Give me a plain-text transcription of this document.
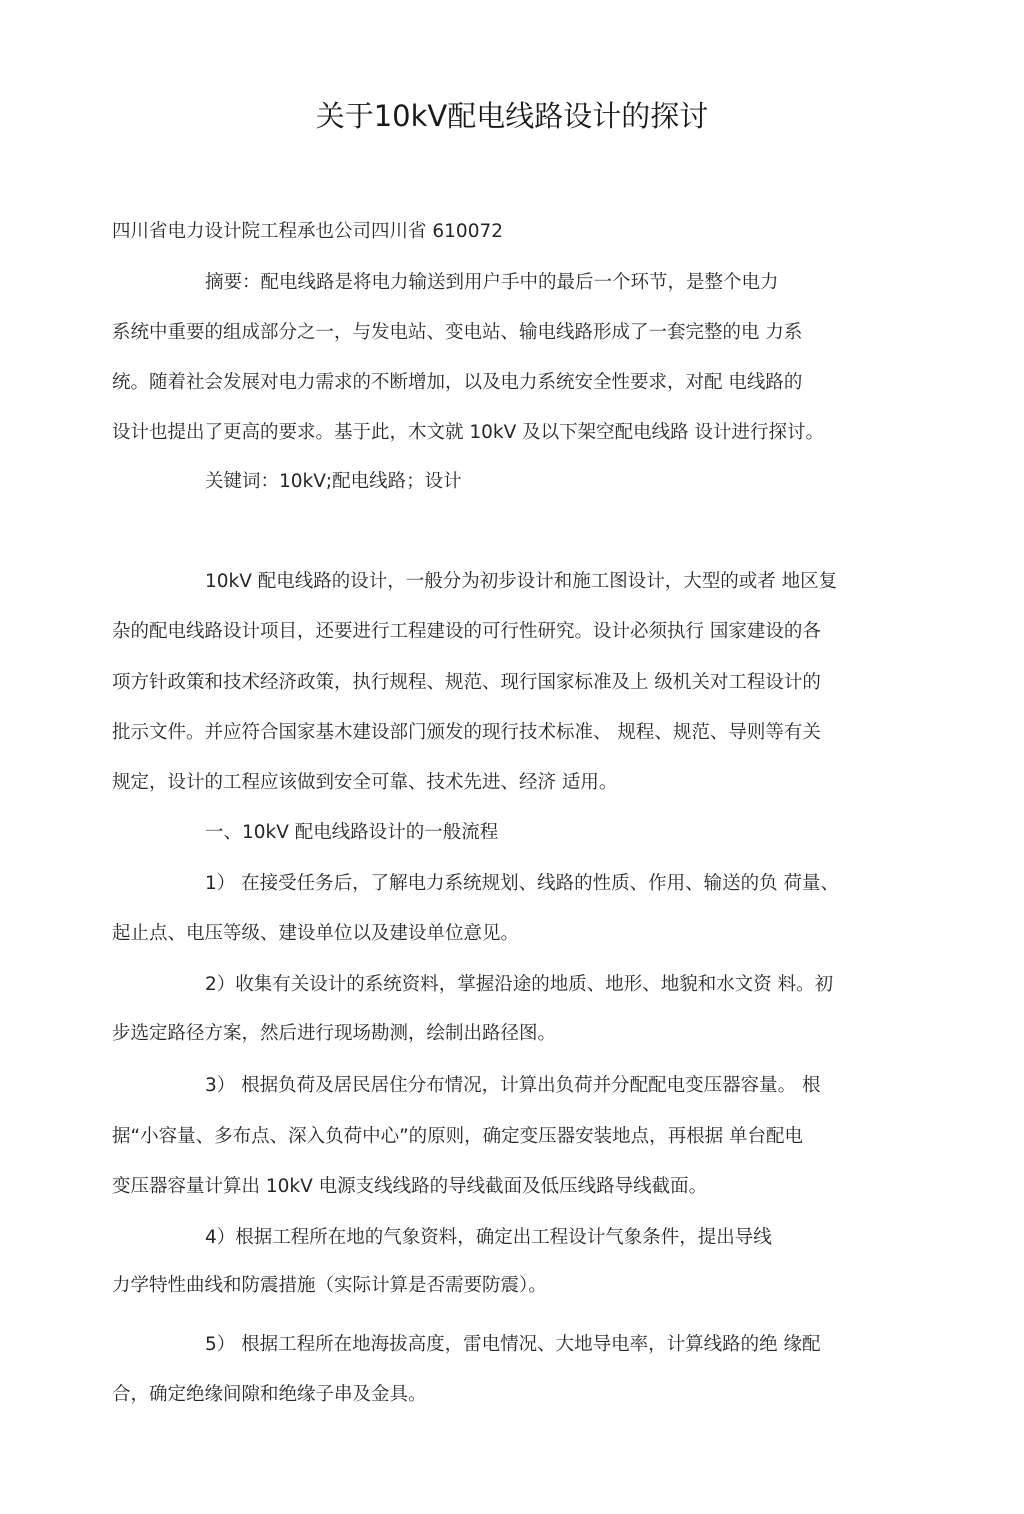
关于10kV配电线路设计的探讨
四川省电力设计院工程承也公司四川省 610072
摘要：配电线路是将电力输送到用户手中的最后一个环节，是整个电力
系统中重要的组成部分之一，与发电站、变电站、输电线路形成了一套完整的电 力系
统。随着社会发展对电力需求的不断增加，以及电力系统安全性要求，对配 电线路的
设计也提出了更高的要求。基于此，木文就 10kV 及以下架空配电线路 设计进行探讨。
关键词：10kV;配电线路；设计
10kV 配电线路的设计，一般分为初步设计和施工图设计，大型的或者 地区复
杂的配电线路设计项目，还要进行工程建设的可行性研究。设计必须执行 国家建设的各
项方针政策和技术经济政策，执行规程、规范、现行国家标准及上 级机关对工程设计的
批示文件。并应符合国家基木建设部门颁发的现行技术标准、 规程、规范、导则等有关
规定，设计的工程应该做到安全可靠、技术先进、经济 适用。
一、10kV 配电线路设计的一般流程
1） 在接受任务后，了解电力系统规划、线路的性质、作用、输送的负 荷量、
起止点、电压等级、建设单位以及建设单位意见。
2）收集有关设计的系统资料，掌握沿途的地质、地形、地貌和水文资 料。初
步选定路径方案，然后进行现场勘测，绘制出路径图。
3） 根据负荷及居民居住分布情况，计算出负荷并分配配电变压器容量。 根
据“小容量、多布点、深入负荷中心”的原则，确定变压器安装地点，再根据 单台配电
变压器容量计算出 10kV 电源支线线路的导线截面及低压线路导线截面。
4）根据工程所在地的气象资料，确定出工程设计气象条件，提出导线
力学特性曲线和防震措施（实际计算是否需要防震）。
5） 根据工程所在地海拔高度，雷电情况、大地导电率，计算线路的绝 缘配
合，确定绝缘间隙和绝缘子串及金具。
